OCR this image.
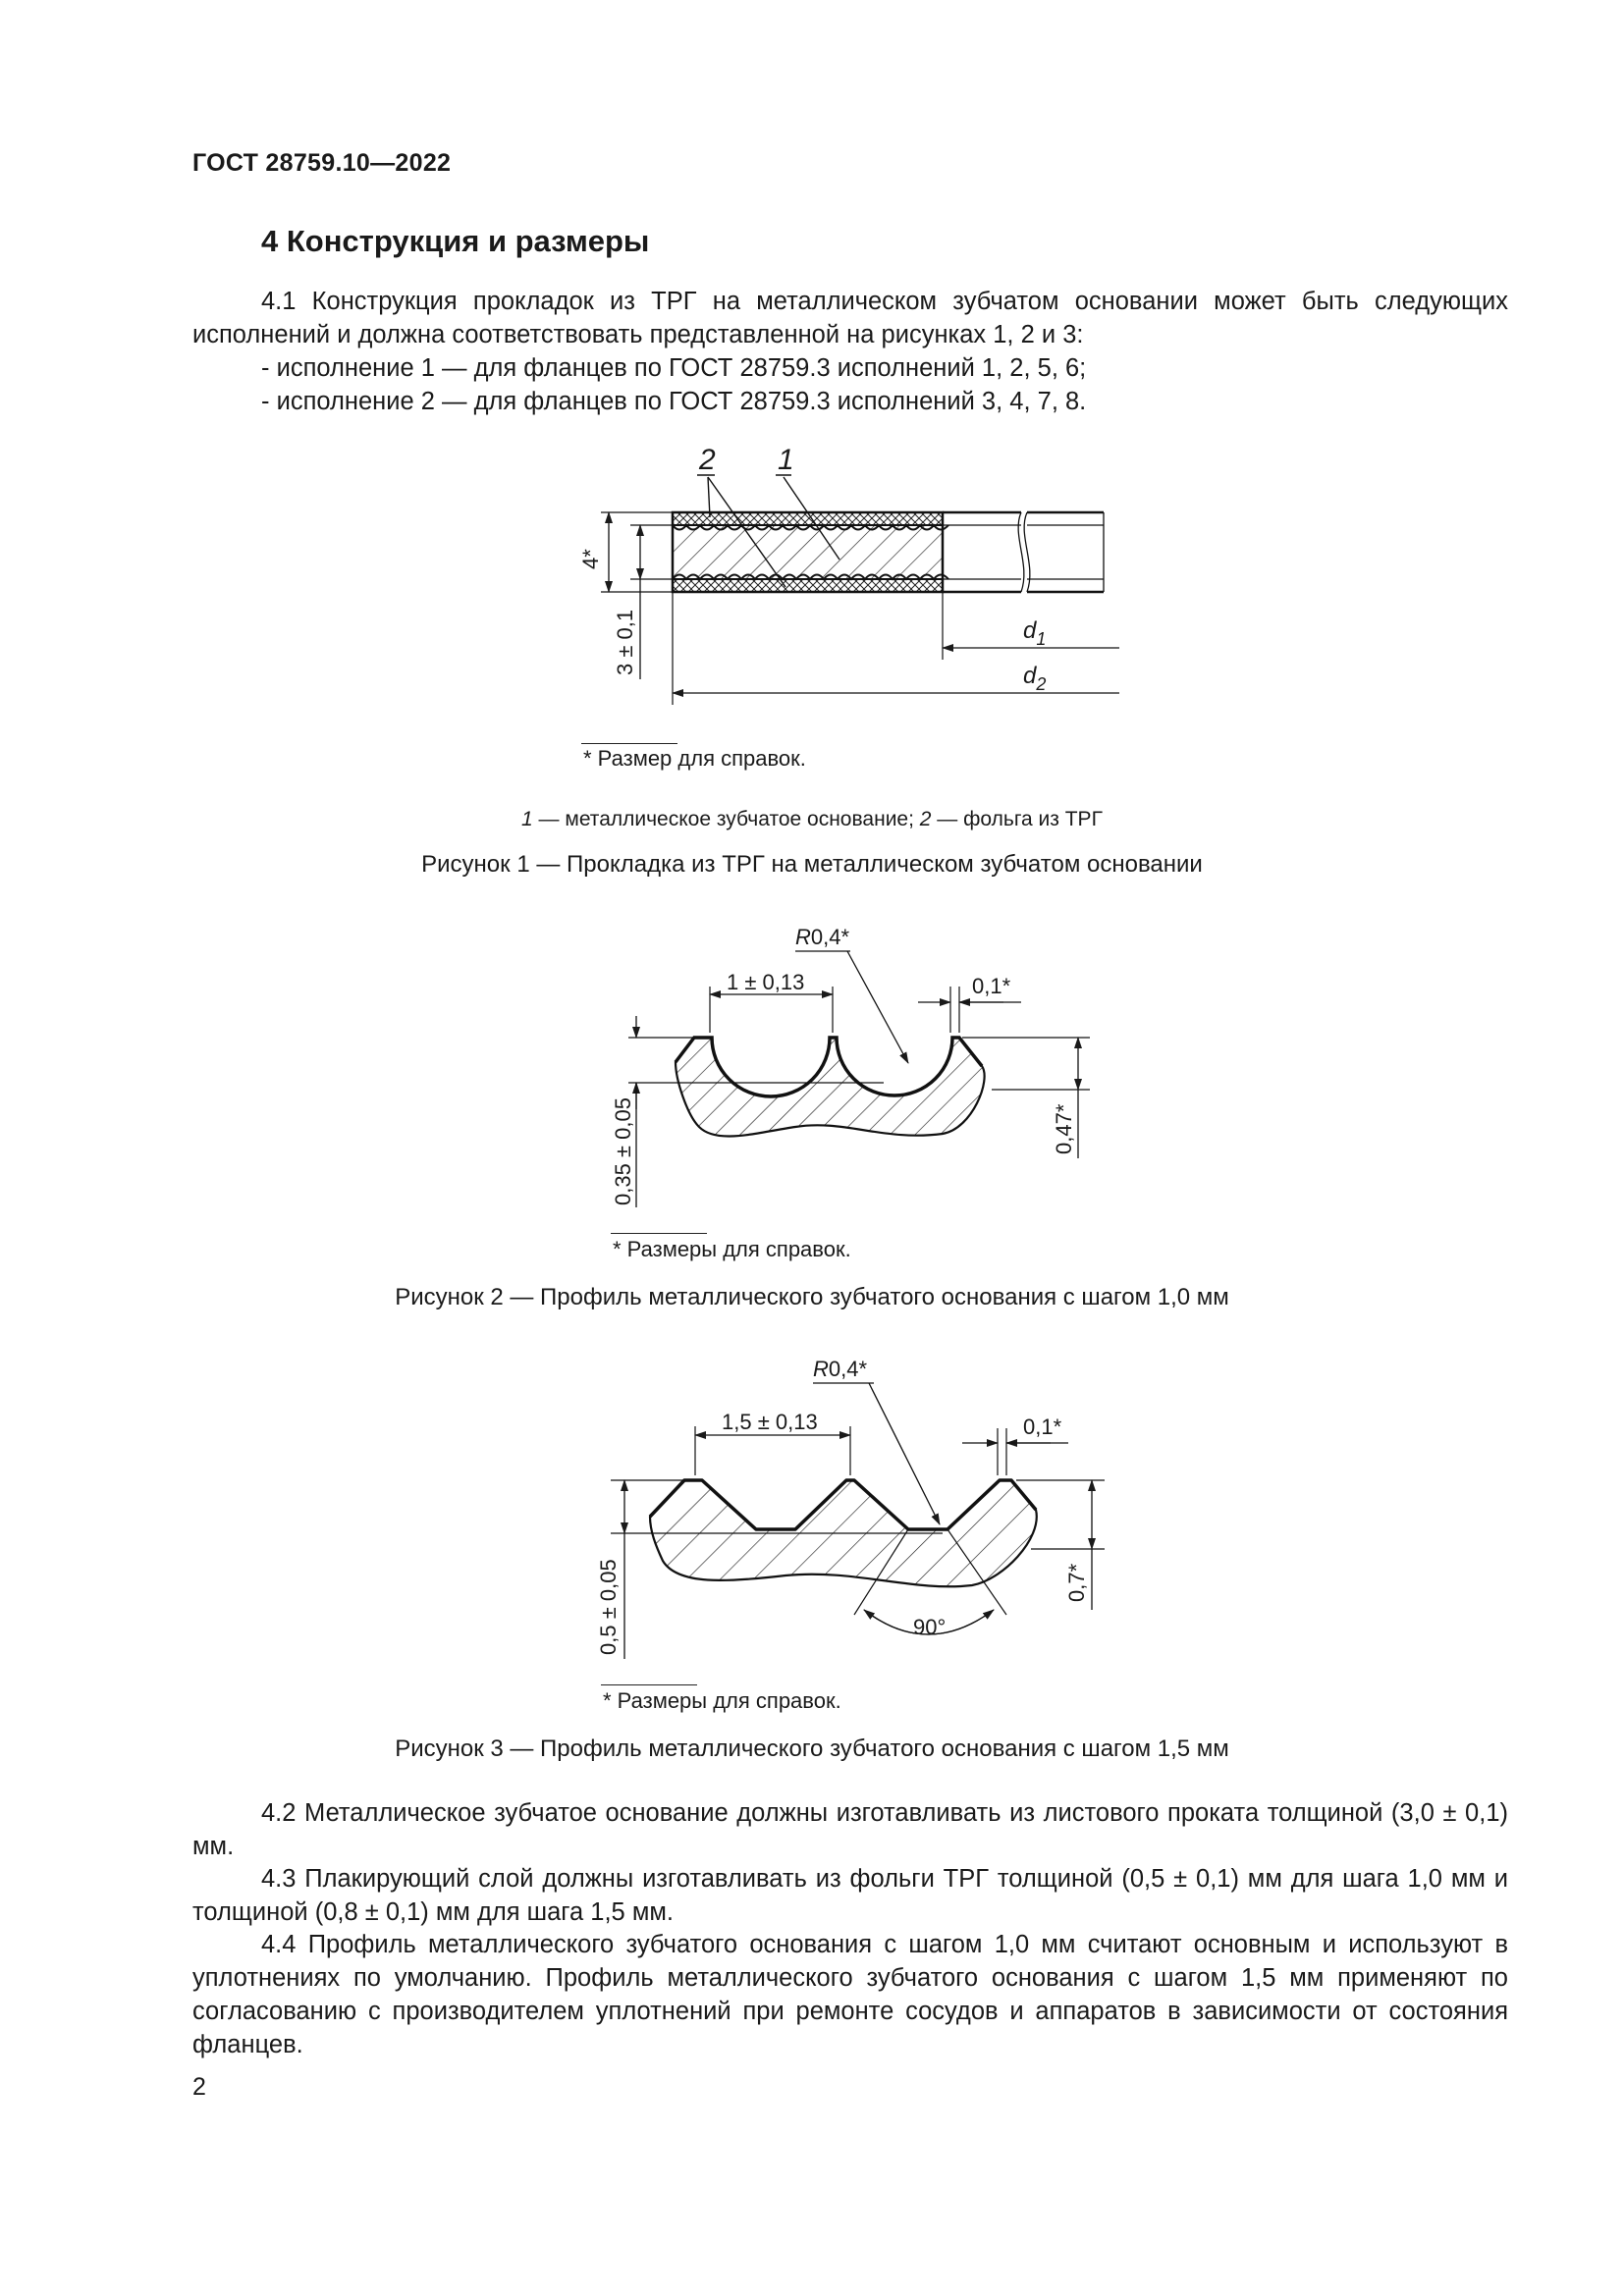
ГОСТ 28759.10—2022
4 Конструкция и размеры
4.1 Конструкция прокладок из ТРГ на металлическом зубчатом основании может быть следующих исполнений и должна соответствовать представленной на рисунках 1, 2 и 3:
- исполнение 1 — для фланцев по ГОСТ 28759.3 исполнений 1, 2, 5, 6;
- исполнение 2 — для фланцев по ГОСТ 28759.3 исполнений 3, 4, 7, 8.
2 1
4*
3 ± 0,1	$d_1$
$d_2$
1 ± 0,13	0,1*
R0,4*
0,35 ± 0,05	0,47*
1,5 ± 0,13	0,1*
R0,4*
0,5 ± 0,05	0,7*
90°
* Размер для справок.
1 — металлическое зубчатое основание; 2 — фольга из ТРГ
Рисунок 1 — Прокладка из ТРГ на металлическом зубчатом основании
* Размеры для справок.
Рисунок 2 — Профиль металлического зубчатого основания с шагом 1,0 мм
* Размеры для справок.
Рисунок 3 — Профиль металлического зубчатого основания с шагом 1,5 мм
4.2 Металлическое зубчатое основание должны изготавливать из листового проката толщиной (3,0 ± 0,1) мм.
4.3 Плакирующий слой должны изготавливать из фольги ТРГ толщиной (0,5 ± 0,1) мм для шага 1,0 мм и толщиной (0,8 ± 0,1) мм для шага 1,5 мм.
4.4 Профиль металлического зубчатого основания с шагом 1,0 мм считают основным и используют в уплотнениях по умолчанию. Профиль металлического зубчатого основания с шагом 1,5 мм применяют по согласованию с производителем уплотнений при ремонте сосудов и аппаратов в зависимости от состояния фланцев.
2
